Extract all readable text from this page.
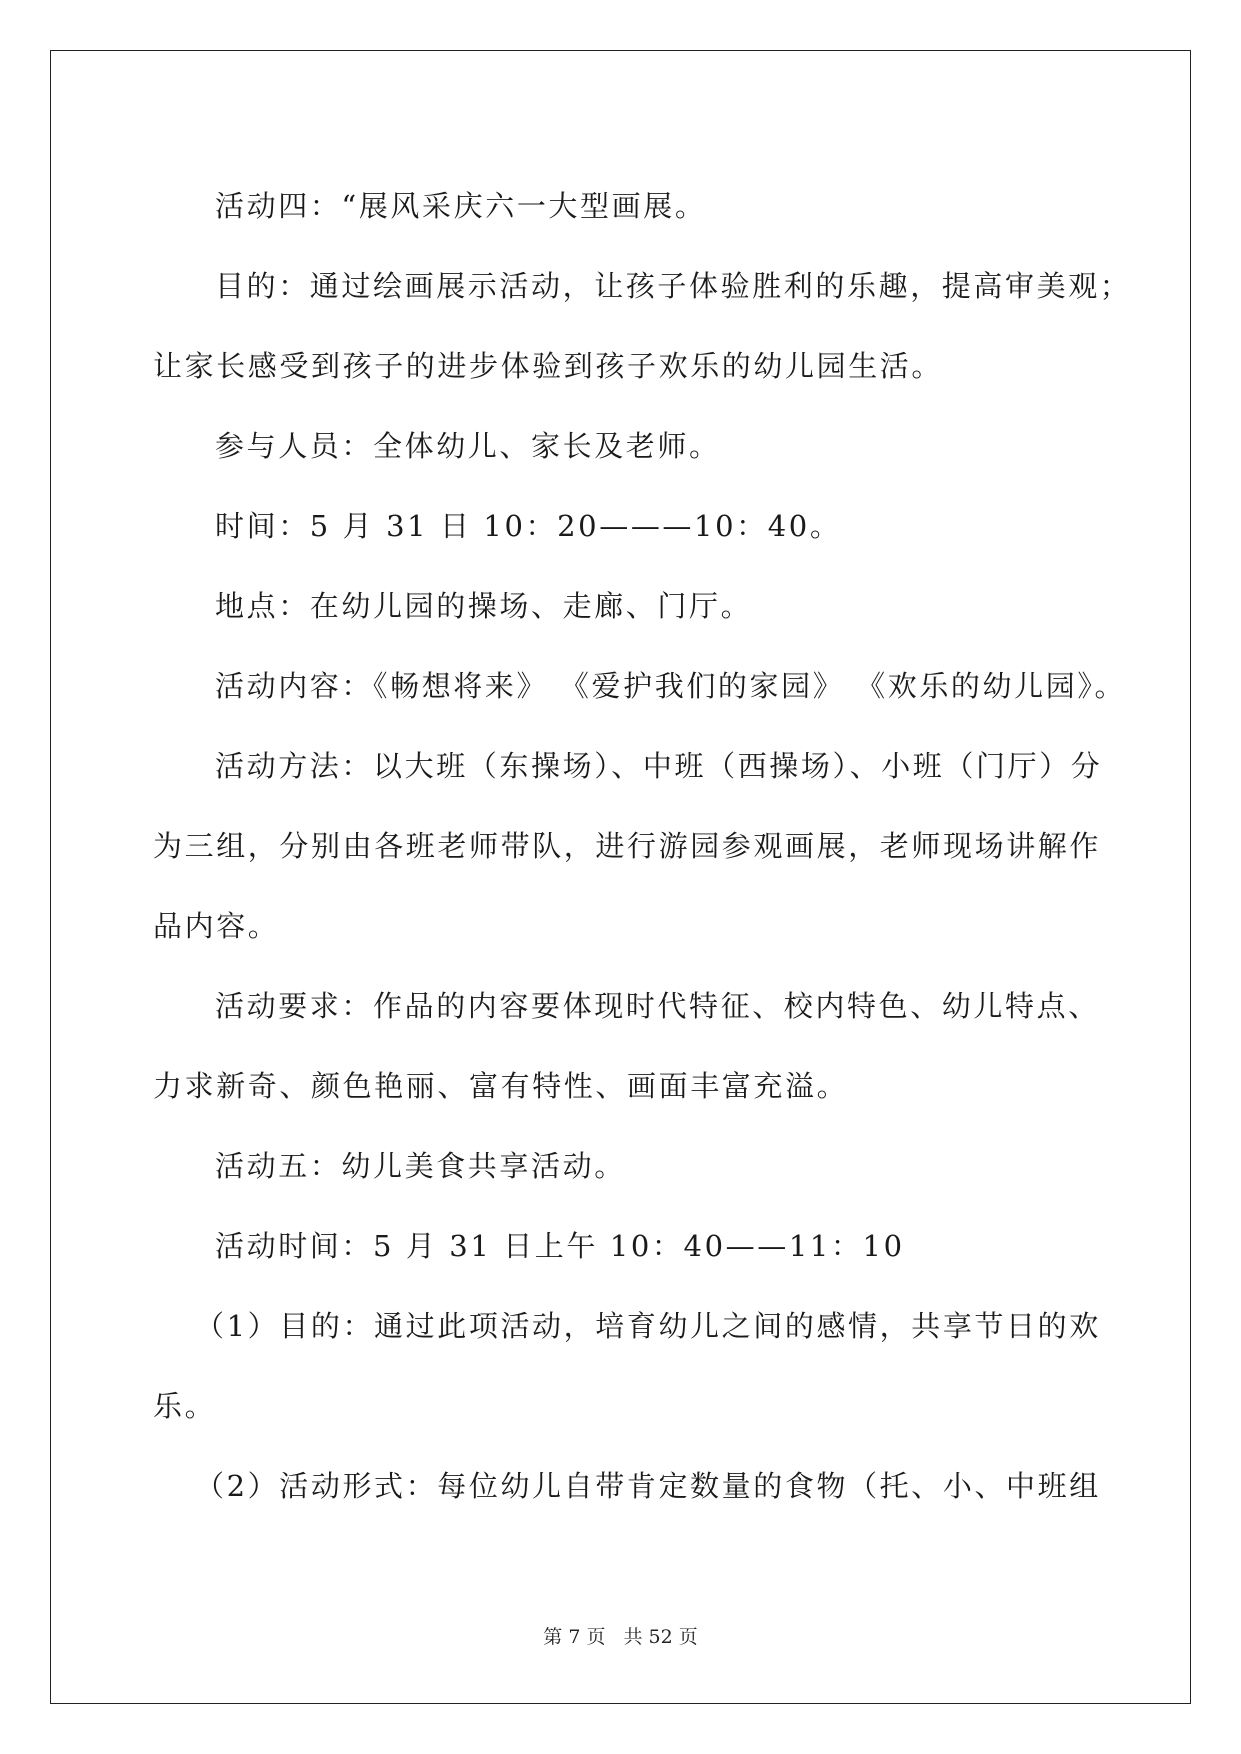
活动四：“展风采庆六一大型画展。
目的：通过绘画展示活动，让孩子体验胜利的乐趣，提高审美观；
让家长感受到孩子的进步体验到孩子欢乐的幼儿园生活。
参与人员：全体幼儿、家长及老师。
时间：5 月 31 日 10：20———10：40。
地点：在幼儿园的操场、走廊、门厅。
活动内容：《畅想将来》 《爱护我们的家园》 《欢乐的幼儿园》。
活动方法：以大班（东操场）、中班（西操场）、小班（门厅）分
为三组，分别由各班老师带队，进行游园参观画展，老师现场讲解作
品内容。
活动要求：作品的内容要体现时代特征、校内特色、幼儿特点、
力求新奇、颜色艳丽、富有特性、画面丰富充溢。
活动五：幼儿美食共享活动。
活动时间：5 月 31 日上午 10：40——11：10
（1）目的：通过此项活动，培育幼儿之间的感情，共享节日的欢
乐。
（2）活动形式：每位幼儿自带肯定数量的食物（托、小、中班组
第 7 页 共 52 页
